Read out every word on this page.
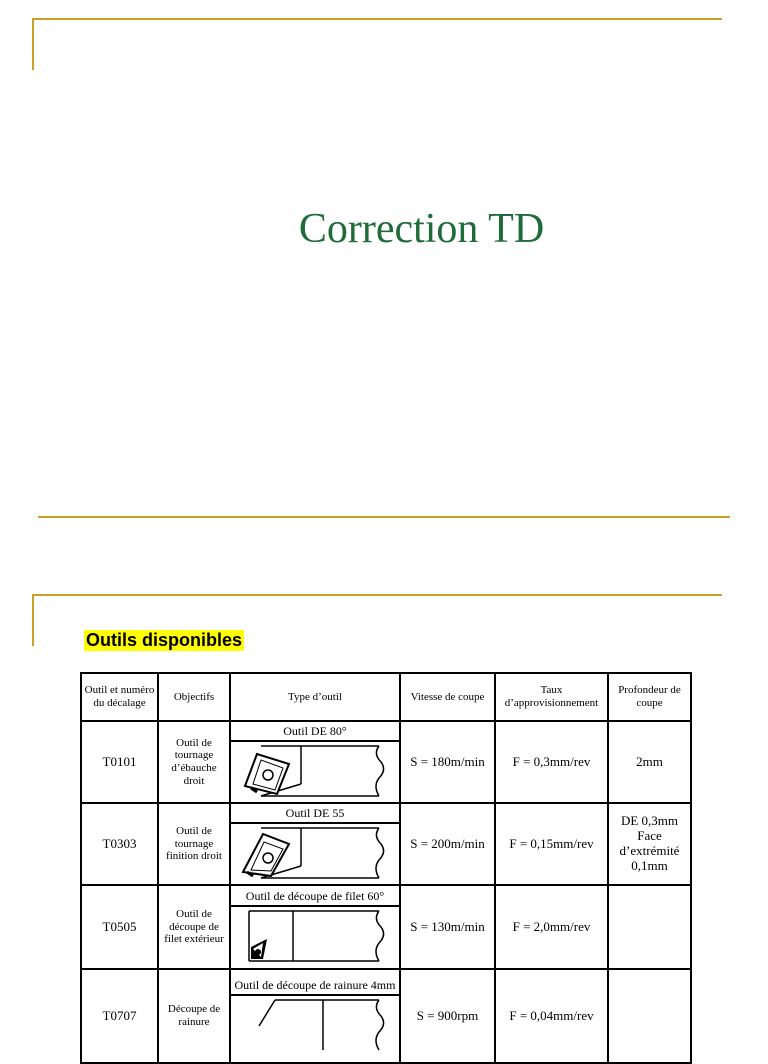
Correction TD
Outils disponibles
Outil et numéro du décalage	Objectifs	Type d’outil	Vitesse de coupe	Taux d’approvisionnement	Profondeur de coupe
T0101	Outil de tournage d’ébauche droit	Outil DE 80°	S = 180m/min	F = 0,3mm/rev	2mm
T0303	Outil de tournage finition droit	Outil DE 55	S = 200m/min	F = 0,15mm/rev	DE 0,3mm Face d’extrémité 0,1mm
T0505	Outil de découpe de filet extérieur	Outil de découpe de filet 60°	S = 130m/min	F = 2,0mm/rev	
T0707	Découpe de rainure	Outil de découpe de rainure 4mm	S = 900rpm	F = 0,04mm/rev	
